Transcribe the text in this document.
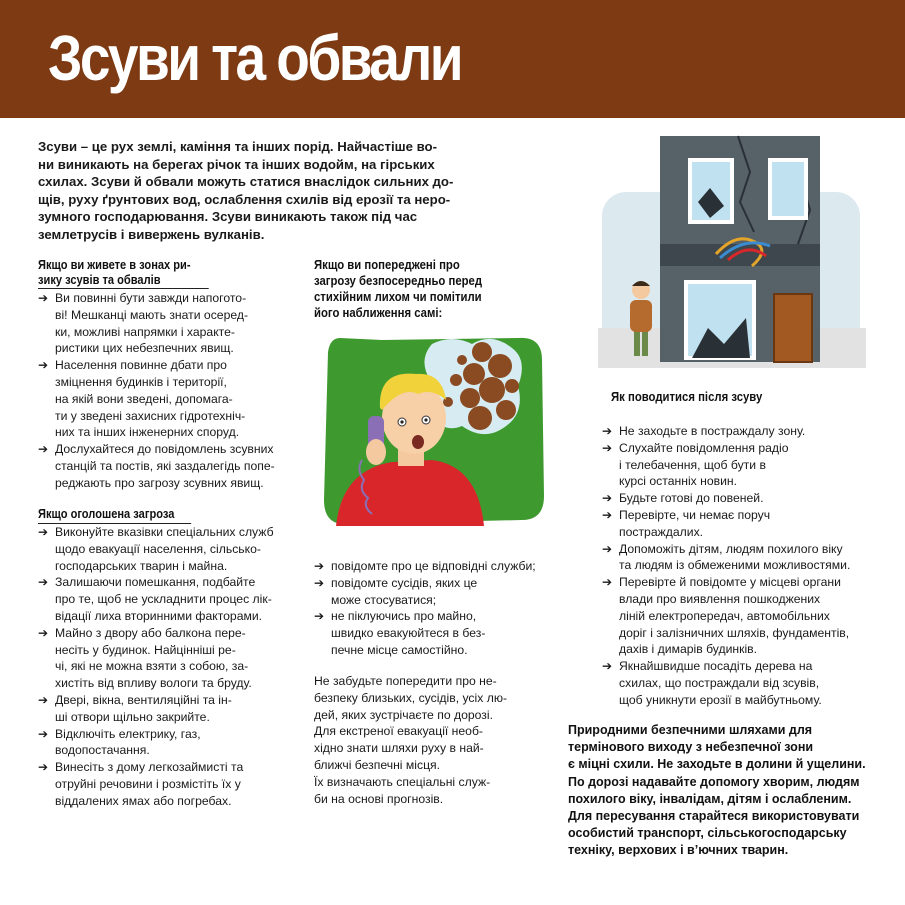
Зсуви та обвали
Зсуви – це рух землі, каміння та інших порід. Найчастіше во-
ни виникають на берегах річок та інших водойм, на гірських
схилах. Зсуви й обвали можуть статися внаслідок сильних до-
щів, руху ґрунтових вод, ослаблення схилів від ерозії та неро-
зумного господарювання. Зсуви виникають також під час
землетрусів і вивержень вулканів.
Якщо ви живете в зонах ри-
зику зсувів та обвалів
➔ Ви повинні бути завжди напогото-
ві! Мешканці мають знати осеред-
ки, можливі напрямки і характе-
ристики цих небезпечних явищ.
➔ Населення повинне дбати про
зміцнення будинків і території,
на якій вони зведені, допомага-
ти у зведені захисних гідротехніч-
них та інших інженерних споруд.
➔ Дослухайтеся до повідомлень зсувних
станцій та постів, які заздалегідь попе-
реджають про загрозу зсувних явищ.
Якщо оголошена загроза
➔ Виконуйте вказівки спеціальних служб
щодо евакуації населення, сільсько-
господарських тварин і майна.
➔ Залишаючи помешкання, подбайте
про те, щоб не ускладнити процес лік-
відації лиха вторинними факторами.
➔ Майно з двору або балкона пере-
несіть у будинок. Найцінніші ре-
чі, які не можна взяти з собою, за-
хистіть від впливу вологи та бруду.
➔ Двері, вікна, вентиляційні та ін-
ші отвори щільно закрийте.
➔ Відключіть електрику, газ,
водопостачання.
➔ Винесіть з дому легкозаймисті та
отруйні речовини і розмістіть їх у
віддалених ямах або погребах.
Якщо ви попереджені про
загрозу безпосередньо перед
стихійним лихом чи помітили
його наближення самі:
➔ повідомте про це відповідні служби;
➔ повідомте сусідів, яких це
може стосуватися;
➔ не піклуючись про майно,
швидко евакуюйтеся в без-
печне місце самостійно.
Не забудьте попередити про не-
безпеку близьких, сусідів, усіх лю-
дей, яких зустрічаєте по дорозі.
Для екстреної евакуації необ-
хідно знати шляхи руху в най-
ближчі безпечні місця.
Їх визначають спеціальні служ-
би на основі прогнозів.
Як поводитися після зсуву
➔ Не заходьте в постраждалу зону.
➔ Слухайте повідомлення радіо
і телебачення, щоб бути в
курсі останніх новин.
➔ Будьте готові до повеней.
➔ Перевірте, чи немає поруч
постраждалих.
➔ Допоможіть дітям, людям похилого віку
та людям із обмеженими можливостями.
➔ Перевірте й повідомте у місцеві органи
влади про виявлення пошкоджених
ліній електропередач, автомобільних
доріг і залізничних шляхів, фундаментів,
дахів і димарів будинків.
➔ Якнайшвидше посадіть дерева на
схилах, що постраждали від зсувів,
щоб уникнути ерозії в майбутньому.
Природними безпечними шляхами для
термінового виходу з небезпечної зони
є міцні схили. Не заходьте в долини й ущелини.
По дорозі надавайте допомогу хворим, людям
похилого віку, інвалідам, дітям і ослабленим.
Для пересування старайтеся використовувати
особистий транспорт, сільськогосподарську
техніку, верхових і в’ючних тварин.
